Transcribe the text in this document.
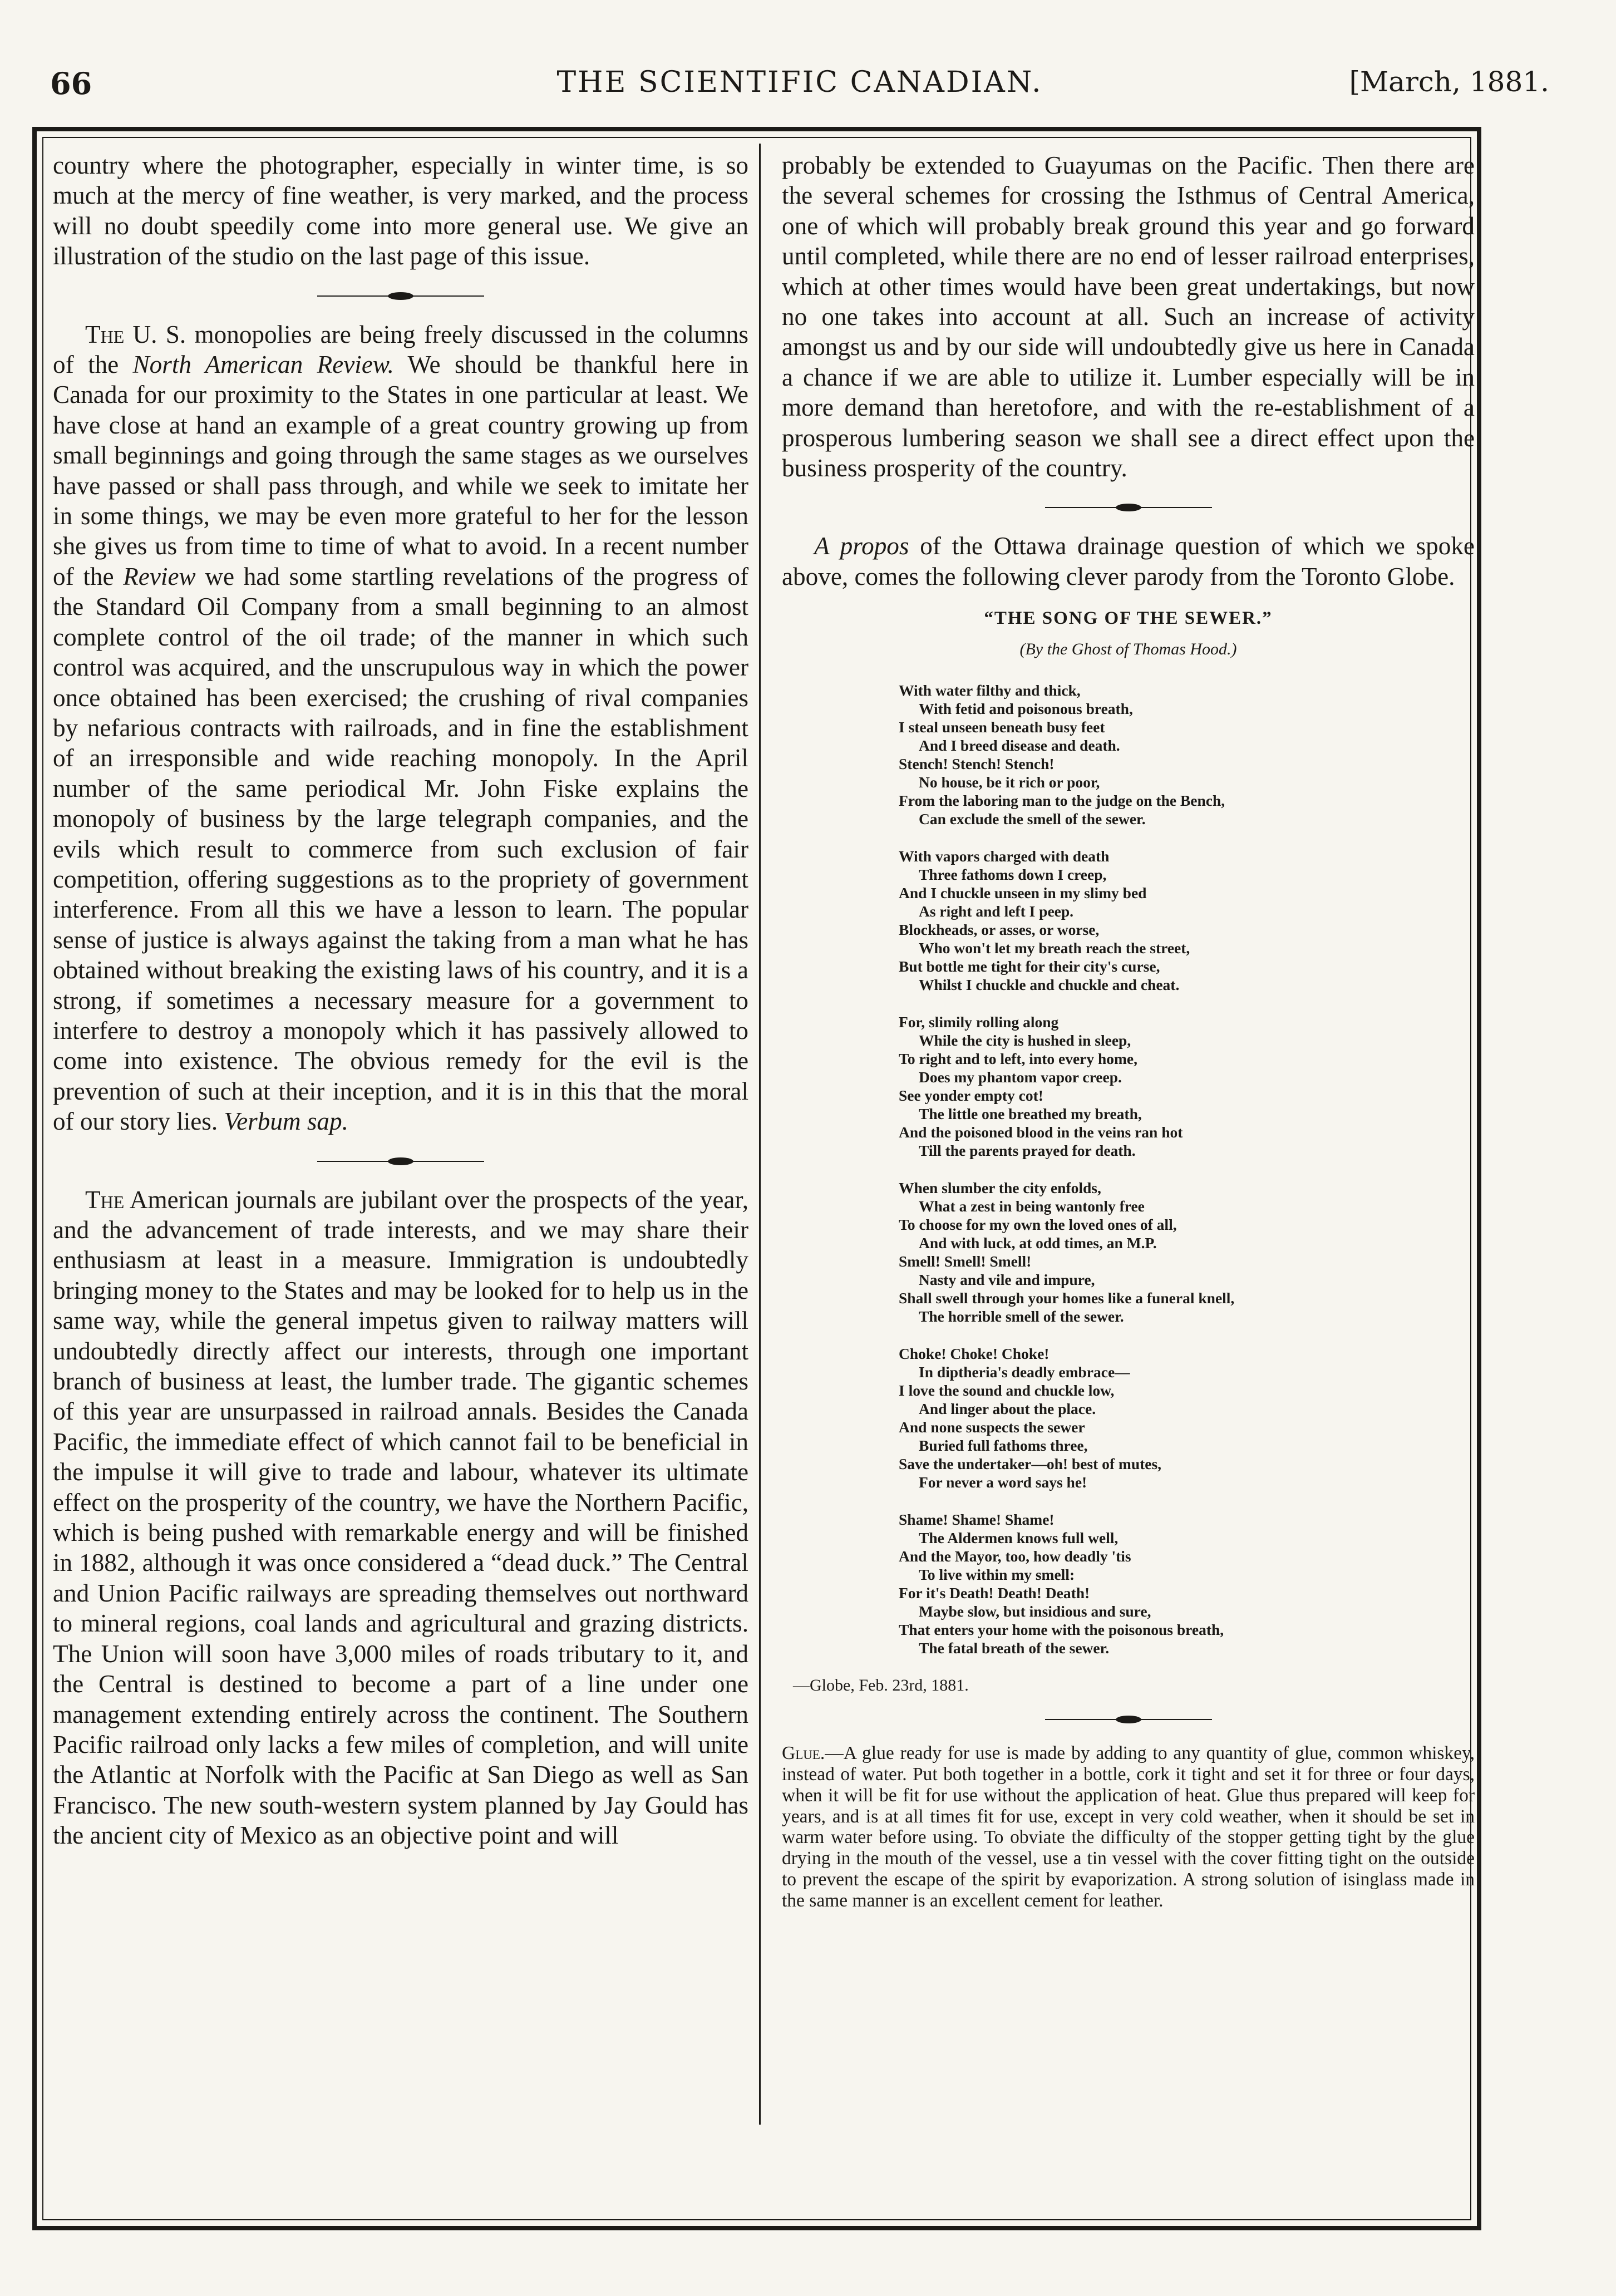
66	THE SCIENTIFIC CANADIAN.	[March, 1881.

country where the photographer, especially in winter time, is so much at the mercy of fine weather, is very marked, and the process will no doubt speedily come into more general use. We give an illustration of the studio on the last page of this issue.

The U. S. monopolies are being freely discussed in the columns of the North American Review. We should be thankful here in Canada for our proximity to the States in one particular at least. We have close at hand an example of a great country growing up from small beginnings and going through the same stages as we ourselves have passed or shall pass through, and while we seek to imitate her in some things, we may be even more grateful to her for the lesson she gives us from time to time of what to avoid. In a recent number of the Review we had some startling revelations of the progress of the Standard Oil Company from a small beginning to an almost complete control of the oil trade; of the manner in which such control was acquired, and the unscrupulous way in which the power once obtained has been exercised; the crushing of rival companies by nefarious contracts with railroads, and in fine the establishment of an irresponsible and wide reaching monopoly. In the April number of the same periodical Mr. John Fiske explains the monopoly of business by the large telegraph companies, and the evils which result to commerce from such exclusion of fair competition, offering suggestions as to the propriety of government interference. From all this we have a lesson to learn. The popular sense of justice is always against the taking from a man what he has obtained without breaking the existing laws of his country, and it is a strong, if sometimes a necessary measure for a government to interfere to destroy a monopoly which it has passively allowed to come into existence. The obvious remedy for the evil is the prevention of such at their inception, and it is in this that the moral of our story lies. Verbum sap.

The American journals are jubilant over the prospects of the year, and the advancement of trade interests, and we may share their enthusiasm at least in a measure. Immigration is undoubtedly bringing money to the States and may be looked for to help us in the same way, while the general impetus given to railway matters will undoubtedly directly affect our interests, through one important branch of business at least, the lumber trade. The gigantic schemes of this year are unsurpassed in railroad annals. Besides the Canada Pacific, the immediate effect of which cannot fail to be beneficial in the impulse it will give to trade and labour, whatever its ultimate effect on the prosperity of the country, we have the Northern Pacific, which is being pushed with remarkable energy and will be finished in 1882, although it was once considered a “dead duck.” The Central and Union Pacific railways are spreading themselves out northward to mineral regions, coal lands and agricultural and grazing districts. The Union will soon have 3,000 miles of roads tributary to it, and the Central is destined to become a part of a line under one management extending entirely across the continent. The Southern Pacific railroad only lacks a few miles of completion, and will unite the Atlantic at Norfolk with the Pacific at San Diego as well as San Francisco. The new south-western system planned by Jay Gould has the ancient city of Mexico as an objective point and will

probably be extended to Guayumas on the Pacific. Then there are the several schemes for crossing the Isthmus of Central America, one of which will probably break ground this year and go forward until completed, while there are no end of lesser railroad enterprises, which at other times would have been great undertakings, but now no one takes into account at all. Such an increase of activity amongst us and by our side will undoubtedly give us here in Canada a chance if we are able to utilize it. Lumber especially will be in more demand than heretofore, and with the re-establishment of a prosperous lumbering season we shall see a direct effect upon the business prosperity of the country.

A propos of the Ottawa drainage question of which we spoke above, comes the following clever parody from the Toronto Globe.

“THE SONG OF THE SEWER.”
(By the Ghost of Thomas Hood.)
With water filthy and thick,
With fetid and poisonous breath,
I steal unseen beneath busy feet
And I breed disease and death.
Stench! Stench! Stench!
No house, be it rich or poor,
From the laboring man to the judge on the Bench,
Can exclude the smell of the sewer.
With vapors charged with death
Three fathoms down I creep,
And I chuckle unseen in my slimy bed
As right and left I peep.
Blockheads, or asses, or worse,
Who won't let my breath reach the street,
But bottle me tight for their city's curse,
Whilst I chuckle and chuckle and cheat.
For, slimily rolling along
While the city is hushed in sleep,
To right and to left, into every home,
Does my phantom vapor creep.
See yonder empty cot!
The little one breathed my breath,
And the poisoned blood in the veins ran hot
Till the parents prayed for death.
When slumber the city enfolds,
What a zest in being wantonly free
To choose for my own the loved ones of all,
And with luck, at odd times, an M.P.
Smell! Smell! Smell!
Nasty and vile and impure,
Shall swell through your homes like a funeral knell,
The horrible smell of the sewer.
Choke! Choke! Choke!
In diptheria's deadly embrace—
I love the sound and chuckle low,
And linger about the place.
And none suspects the sewer
Buried full fathoms three,
Save the undertaker—oh! best of mutes,
For never a word says he!
Shame! Shame! Shame!
The Aldermen knows full well,
And the Mayor, too, how deadly 'tis
To live within my smell:
For it's Death! Death! Death!
Maybe slow, but insidious and sure,
That enters your home with the poisonous breath,
The fatal breath of the sewer.
—Globe, Feb. 23rd, 1881.

Glue.—A glue ready for use is made by adding to any quantity of glue, common whiskey, instead of water. Put both together in a bottle, cork it tight and set it for three or four days, when it will be fit for use without the application of heat. Glue thus prepared will keep for years, and is at all times fit for use, except in very cold weather, when it should be set in warm water before using. To obviate the difficulty of the stopper getting tight by the glue drying in the mouth of the vessel, use a tin vessel with the cover fitting tight on the outside to prevent the escape of the spirit by evaporization. A strong solution of isinglass made in the same manner is an excellent cement for leather.
